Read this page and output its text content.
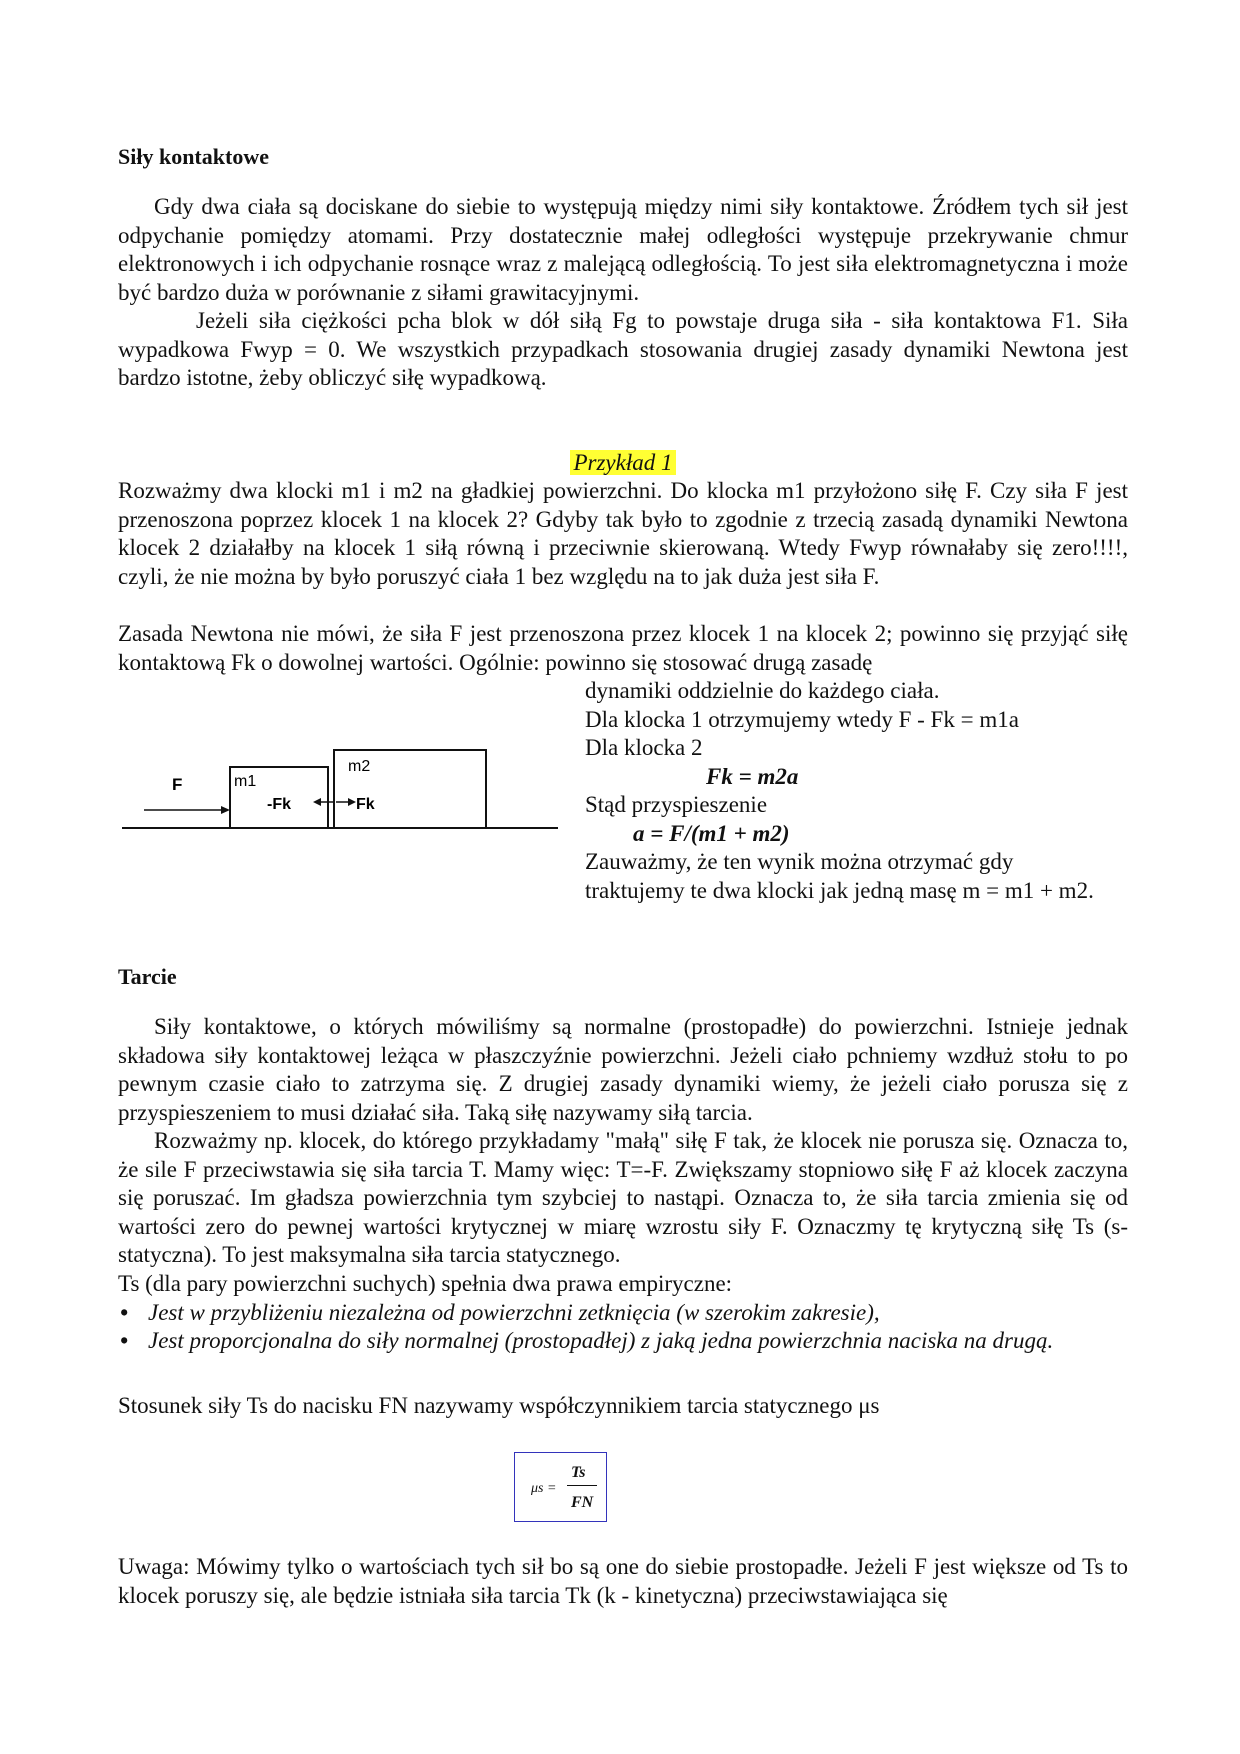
Siły kontaktowe

Gdy dwa ciała są dociskane do siebie to występują między nimi siły kontaktowe. Źródłem tych sił jest odpychanie pomiędzy atomami. Przy dostatecznie małej odległości występuje przekrywanie chmur elektronowych i ich odpychanie rosnące wraz z malejącą odległością. To jest siła elektromagnetyczna i może być bardzo duża w porównanie z siłami grawitacyjnymi.

Jeżeli siła ciężkości pcha blok w dół siłą Fg to powstaje druga siła - siła kontaktowa F1. Siła wypadkowa Fwyp = 0. We wszystkich przypadkach stosowania drugiej zasady dynamiki Newtona jest bardzo istotne, żeby obliczyć siłę wypadkową.

Przykład 1

Rozważmy dwa klocki m1 i m2 na gładkiej powierzchni. Do klocka m1 przyłożono siłę F. Czy siła F jest przenoszona poprzez klocek 1 na klocek 2? Gdyby tak było to zgodnie z trzecią zasadą dynamiki Newtona klocek 2 działałby na klocek 1 siłą równą i przeciwnie skierowaną. Wtedy Fwyp równałaby się zero!!!!, czyli, że nie można by było poruszyć ciała 1 bez względu na to jak duża jest siła F.

Zasada Newtona nie mówi, że siła F jest przenoszona przez klocek 1 na klocek 2; powinno się przyjąć siłę kontaktową Fk o dowolnej wartości. Ogólnie: powinno się stosować drugą zasadę

dynamiki oddzielnie do każdego ciała.

Dla klocka 1 otrzymujemy wtedy F - Fk = m1a

Dla klocka 2

Fk = m2a

Stąd przyspieszenie

a = F/(m1 + m2)

Zauważmy, że ten wynik można otrzymać gdy traktujemy te dwa klocki jak jedną masę m = m1 + m2.

F	m1
m2
-Fk	Fk

Tarcie

Siły kontaktowe, o których mówiliśmy są normalne (prostopadłe) do powierzchni. Istnieje jednak składowa siły kontaktowej leżąca w płaszczyźnie powierzchni. Jeżeli ciało pchniemy wzdłuż stołu to po pewnym czasie ciało to zatrzyma się. Z drugiej zasady dynamiki wiemy, że jeżeli ciało porusza się z przyspieszeniem to musi działać siła. Taką siłę nazywamy siłą tarcia.

Rozważmy np. klocek, do którego przykładamy "małą" siłę F tak, że klocek nie porusza się. Oznacza to, że sile F przeciwstawia się siła tarcia T. Mamy więc: T=-F. Zwiększamy stopniowo siłę F aż klocek zaczyna się poruszać. Im gładsza powierzchnia tym szybciej to nastąpi. Oznacza to, że siła tarcia zmienia się od wartości zero do pewnej wartości krytycznej w miarę wzrostu siły F. Oznaczmy tę krytyczną siłę Ts (s-statyczna). To jest maksymalna siła tarcia statycznego.

Ts (dla pary powierzchni suchych) spełnia dwa prawa empiryczne:

• Jest w przybliżeniu niezależna od powierzchni zetknięcia (w szerokim zakresie),
• Jest proporcjonalna do siły normalnej (prostopadłej) z jaką jedna powierzchnia naciska na drugą.

Stosunek siły Ts do nacisku FN nazywamy współczynnikiem tarcia statycznego μs

μs =
Ts
FN

Uwaga: Mówimy tylko o wartościach tych sił bo są one do siebie prostopadłe. Jeżeli F jest większe od Ts to klocek poruszy się, ale będzie istniała siła tarcia Tk (k - kinetyczna) przeciwstawiająca się
